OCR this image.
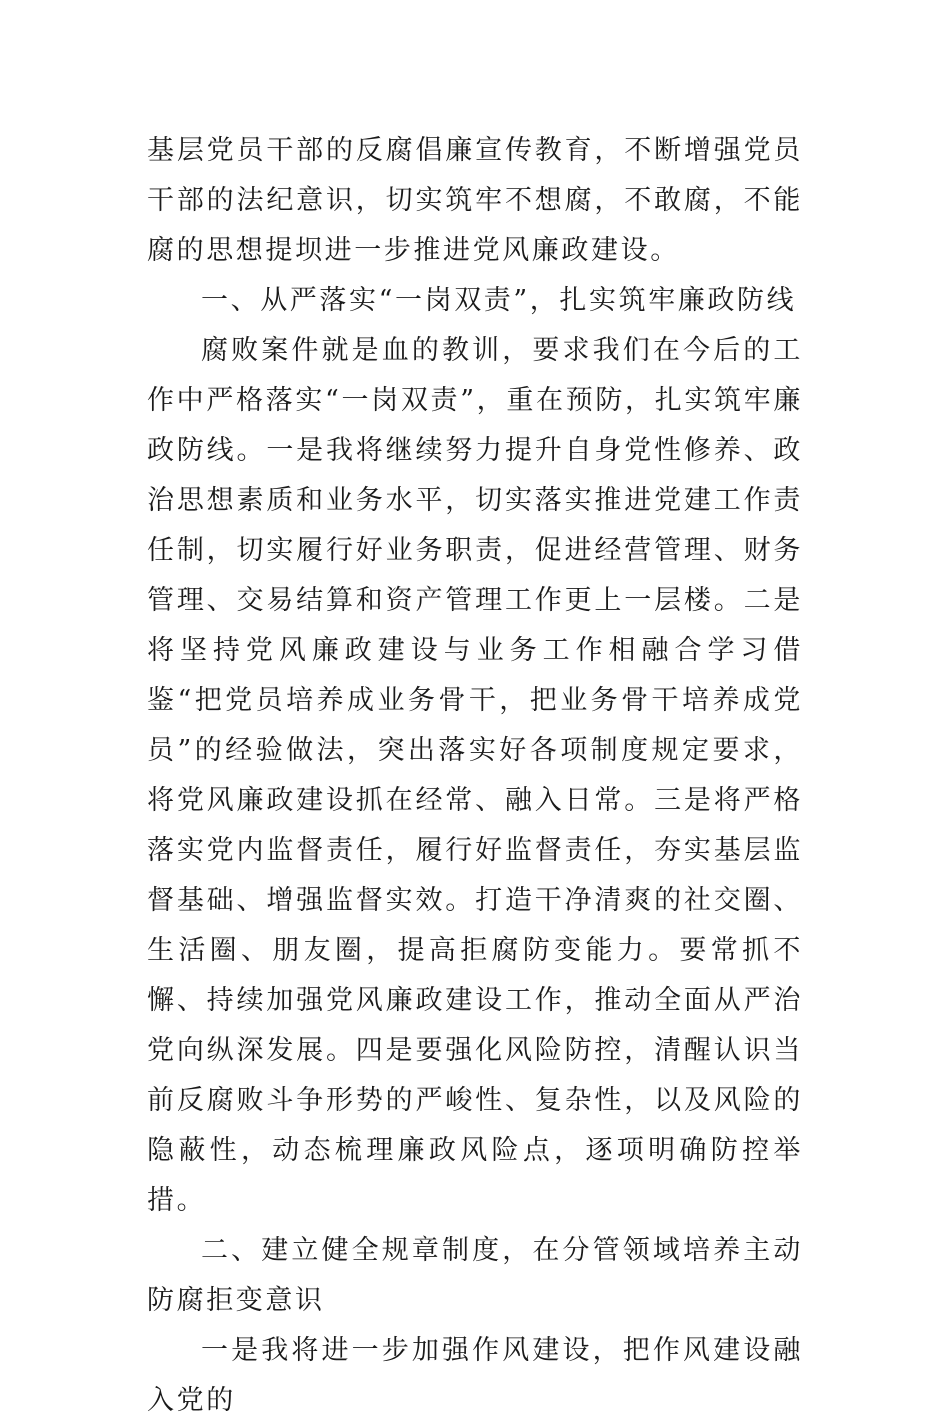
基层党员干部的反腐倡廉宣传教育，不断增强党员干部的法纪意识，切实筑牢不想腐，不敢腐，不能腐的思想提坝进一步推进党风廉政建设。

一、从严落实“一岗双责”，扎实筑牢廉政防线

腐败案件就是血的教训，要求我们在今后的工作中严格落实“一岗双责”，重在预防，扎实筑牢廉政防线。一是我将继续努力提升自身党性修养、政治思想素质和业务水平，切实落实推进党建工作责任制，切实履行好业务职责，促进经营管理、财务管理、交易结算和资产管理工作更上一层楼。二是将坚持党风廉政建设与业务工作相融合学习借鉴“把党员培养成业务骨干，把业务骨干培养成党员”的经验做法，突出落实好各项制度规定要求，将党风廉政建设抓在经常、融入日常。三是将严格落实党内监督责任，履行好监督责任，夯实基层监督基础、增强监督实效。打造干净清爽的社交圈、生活圈、朋友圈，提高拒腐防变能力。要常抓不懈、持续加强党风廉政建设工作，推动全面从严治党向纵深发展。四是要强化风险防控，清醒认识当前反腐败斗争形势的严峻性、复杂性，以及风险的隐蔽性，动态梳理廉政风险点，逐项明确防控举措。

二、建立健全规章制度，在分管领域培养主动防腐拒变意识

一是我将进一步加强作风建设，把作风建设融入党的
